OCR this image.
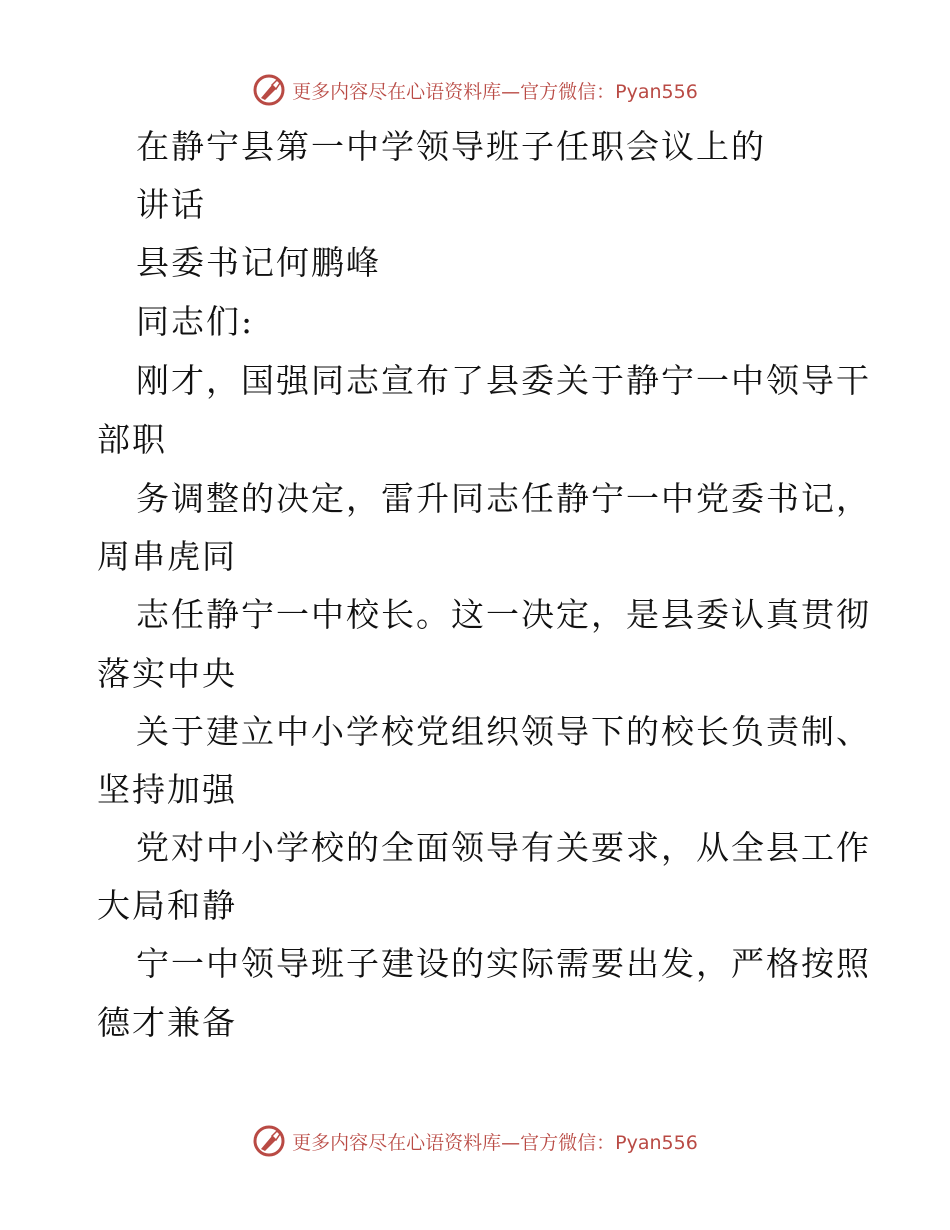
更多内容尽在心语资料库—官方微信：Pyan556
在静宁县第一中学领导班子任职会议上的
讲话
县委书记何鹏峰
同志们:
刚才，国强同志宣布了县委关于静宁一中领导干
部职
务调整的决定，雷升同志任静宁一中党委书记，
周串虎同
志任静宁一中校长。这一决定，是县委认真贯彻
落实中央
关于建立中小学校党组织领导下的校长负责制、
坚持加强
党对中小学校的全面领导有关要求，从全县工作
大局和静
宁一中领导班子建设的实际需要出发，严格按照
德才兼备
更多内容尽在心语资料库—官方微信：Pyan556
